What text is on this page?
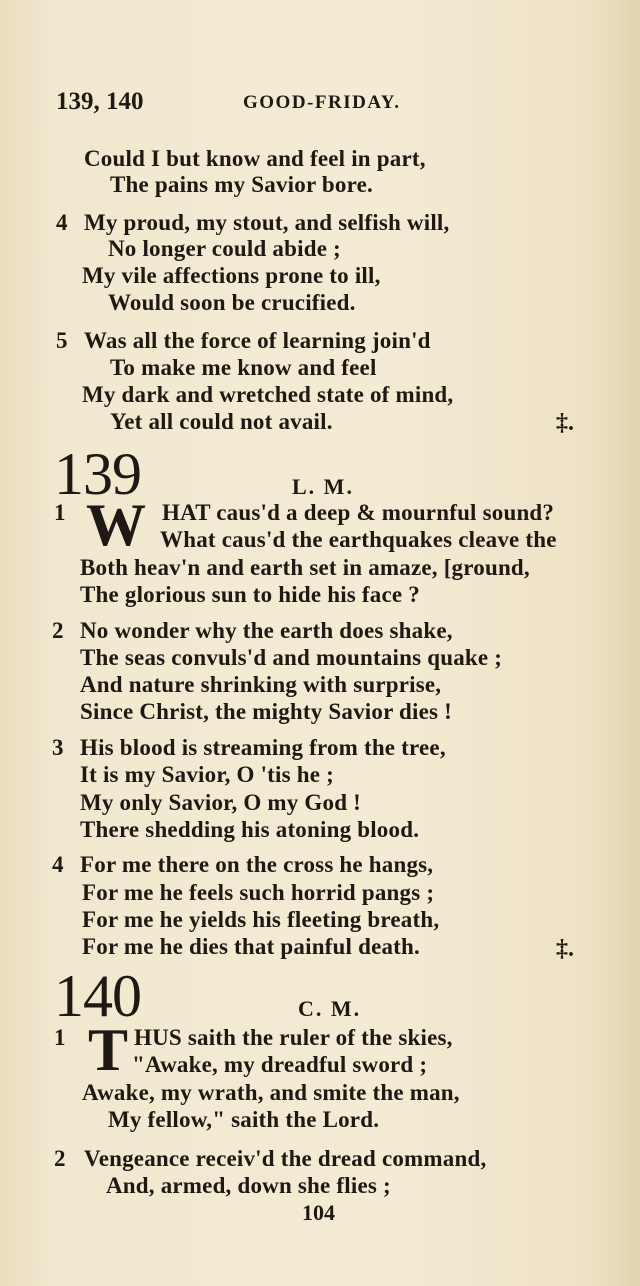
139, 140	GOOD-FRIDAY.
Could I but know and feel in part,
The pains my Savior bore.
4 My proud, my stout, and selfish will,
No longer could abide ;
My vile affections prone to ill,
Would soon be crucified.
5 Was all the force of learning join'd
To make me know and feel
My dark and wretched state of mind,
Yet all could not avail.	‡.
139	L. M.
1 W HAT caus'd a deep & mournful sound?
What caus'd the earthquakes cleave the
Both heav'n and earth set in amaze, [ground,
The glorious sun to hide his face ?
2 No wonder why the earth does shake,
The seas convuls'd and mountains quake ;
And nature shrinking with surprise,
Since Christ, the mighty Savior dies !
3 His blood is streaming from the tree,
It is my Savior, O 'tis he ;
My only Savior, O my God !
There shedding his atoning blood.
4 For me there on the cross he hangs,
For me he feels such horrid pangs ;
For me he yields his fleeting breath,
For me he dies that painful death.	‡.
140	C. M.
1 T HUS saith the ruler of the skies,
"Awake, my dreadful sword ;
Awake, my wrath, and smite the man,
My fellow," saith the Lord.
2 Vengeance receiv'd the dread command,
And, armed, down she flies ;
104
